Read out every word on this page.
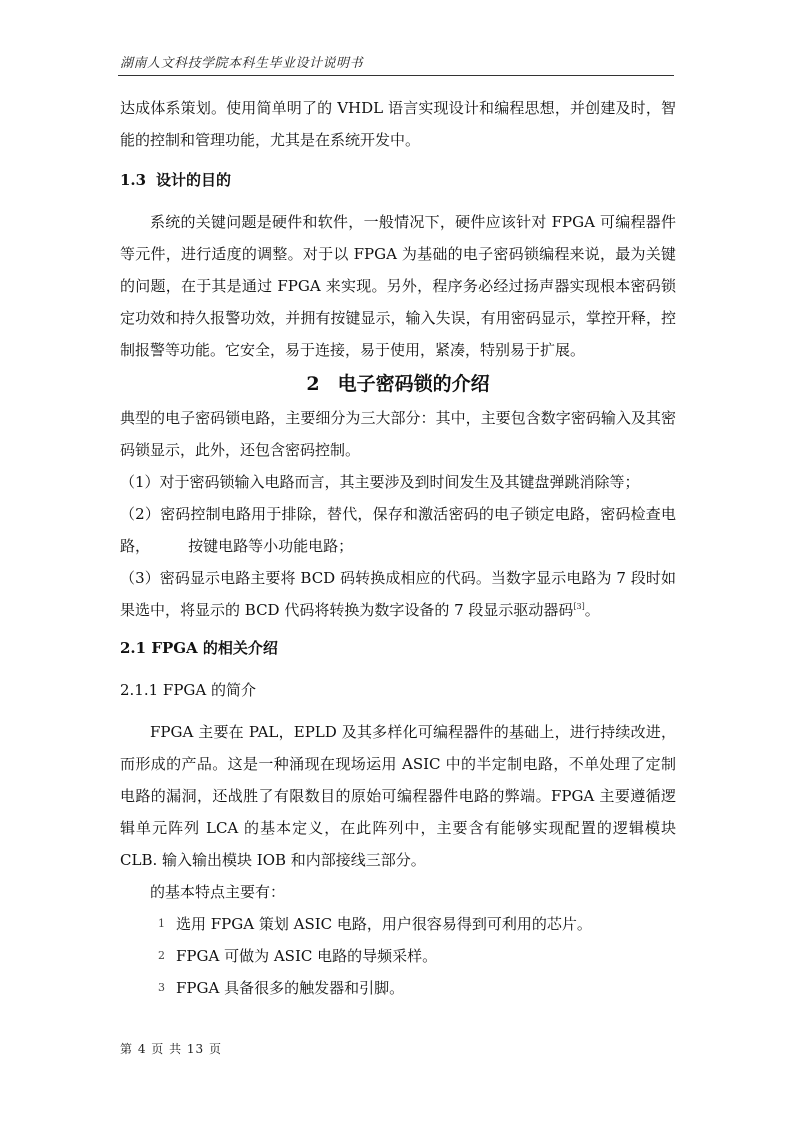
湖南人文科技学院本科生毕业设计说明书

达成体系策划。使用简单明了的 VHDL 语言实现设计和编程思想，并创建及时，智能的控制和管理功能，尤其是在系统开发中。

1.3 设计的目的

系统的关键问题是硬件和软件，一般情况下，硬件应该针对 FPGA 可编程器件等元件，进行适度的调整。对于以 FPGA 为基础的电子密码锁编程来说，最为关键的问题，在于其是通过 FPGA 来实现。另外，程序务必经过扬声器实现根本密码锁定功效和持久报警功效，并拥有按键显示，输入失误，有用密码显示，掌控开释，控制报警等功能。它安全，易于连接，易于使用，紧凑，特别易于扩展。

2 电子密码锁的介绍

典型的电子密码锁电路，主要细分为三大部分：其中，主要包含数字密码输入及其密码锁显示，此外，还包含密码控制。

（1）对于密码锁输入电路而言，其主要涉及到时间发生及其键盘弹跳消除等；

（2）密码控制电路用于排除，替代，保存和激活密码的电子锁定电路，密码检查电路，        按键电路等小功能电路；

（3）密码显示电路主要将 BCD 码转换成相应的代码。当数字显示电路为 7 段时如果选中，将显示的 BCD 代码将转换为数字设备的 7 段显示驱动器码[3]。

2.1 FPGA 的相关介绍
2.1.1 FPGA 的简介

FPGA 主要在 PAL，EPLD 及其多样化可编程器件的基础上，进行持续改进，而形成的产品。这是一种涌现在现场运用 ASIC 中的半定制电路，不单处理了定制电路的漏洞，还战胜了有限数目的原始可编程器件电路的弊端。FPGA 主要遵循逻辑单元阵列 LCA 的基本定义，在此阵列中，主要含有能够实现配置的逻辑模块 CLB. 输入输出模块 IOB 和内部接线三部分。

的基本特点主要有：

1 选用 FPGA 策划 ASIC 电路，用户很容易得到可利用的芯片。

2 FPGA 可做为 ASIC 电路的导频采样。

3 FPGA 具备很多的触发器和引脚。

第 4 页 共 13 页
